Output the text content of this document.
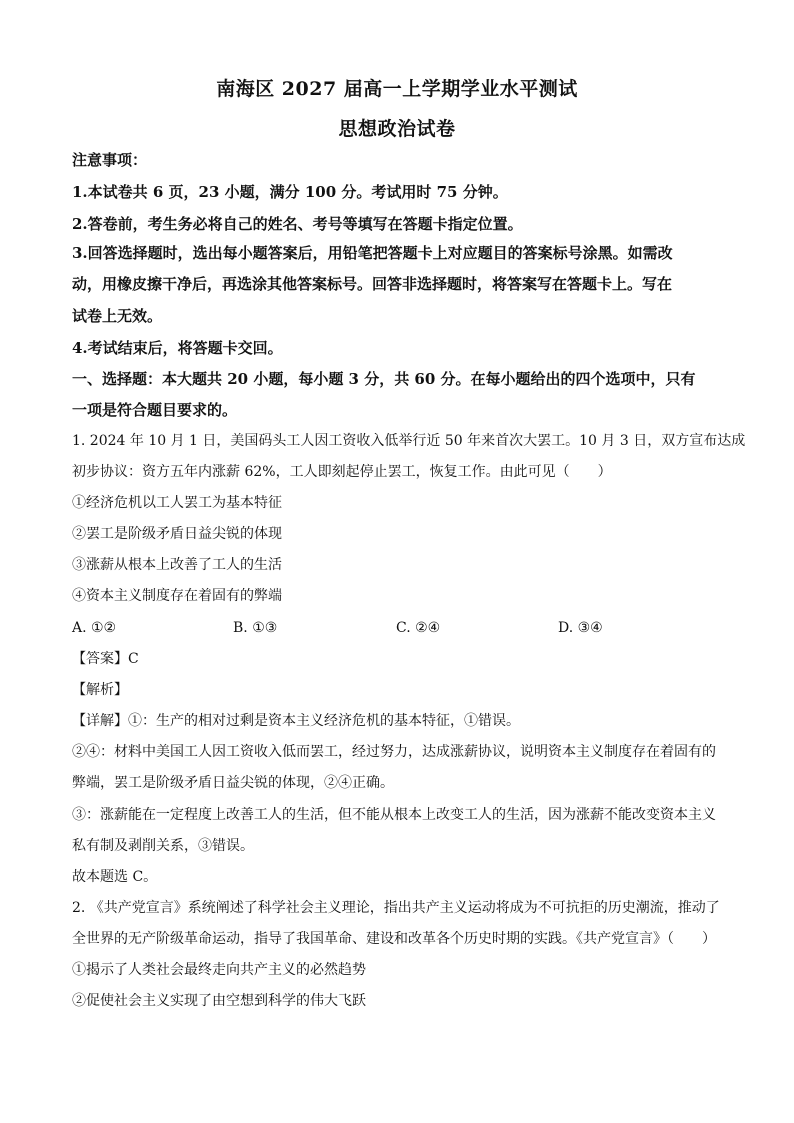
南海区 2027 届高一上学期学业水平测试
思想政治试卷
注意事项：
1.本试卷共 6 页，23 小题，满分 100 分。考试用时 75 分钟。
2.答卷前，考生务必将自己的姓名、考号等填写在答题卡指定位置。
3.回答选择题时，选出每小题答案后，用铅笔把答题卡上对应题目的答案标号涂黑。如需改
动，用橡皮擦干净后，再选涂其他答案标号。回答非选择题时，将答案写在答题卡上。写在
试卷上无效。
4.考试结束后，将答题卡交回。
一、选择题：本大题共 20 小题，每小题 3 分，共 60 分。在每小题给出的四个选项中，只有
一项是符合题目要求的。
1. 2024 年 10 月 1 日，美国码头工人因工资收入低举行近 50 年来首次大罢工。10 月 3 日，双方宣布达成
初步协议：资方五年内涨薪 62%，工人即刻起停止罢工，恢复工作。由此可见（　　）
①经济危机以工人罢工为基本特征
②罢工是阶级矛盾日益尖锐的体现
③涨薪从根本上改善了工人的生活
④资本主义制度存在着固有的弊端
A. ①②	B. ①③	C. ②④	D. ③④
【答案】C
【解析】
【详解】①：生产的相对过剩是资本主义经济危机的基本特征，①错误。
②④：材料中美国工人因工资收入低而罢工，经过努力，达成涨薪协议，说明资本主义制度存在着固有的
弊端，罢工是阶级矛盾日益尖锐的体现，②④正确。
③：涨薪能在一定程度上改善工人的生活，但不能从根本上改变工人的生活，因为涨薪不能改变资本主义
私有制及剥削关系，③错误。
故本题选 C。
2. 《共产党宣言》系统阐述了科学社会主义理论，指出共产主义运动将成为不可抗拒的历史潮流，推动了
全世界的无产阶级革命运动，指导了我国革命、建设和改革各个历史时期的实践。《共产党宣言》（　　）
①揭示了人类社会最终走向共产主义的必然趋势
②促使社会主义实现了由空想到科学的伟大飞跃
